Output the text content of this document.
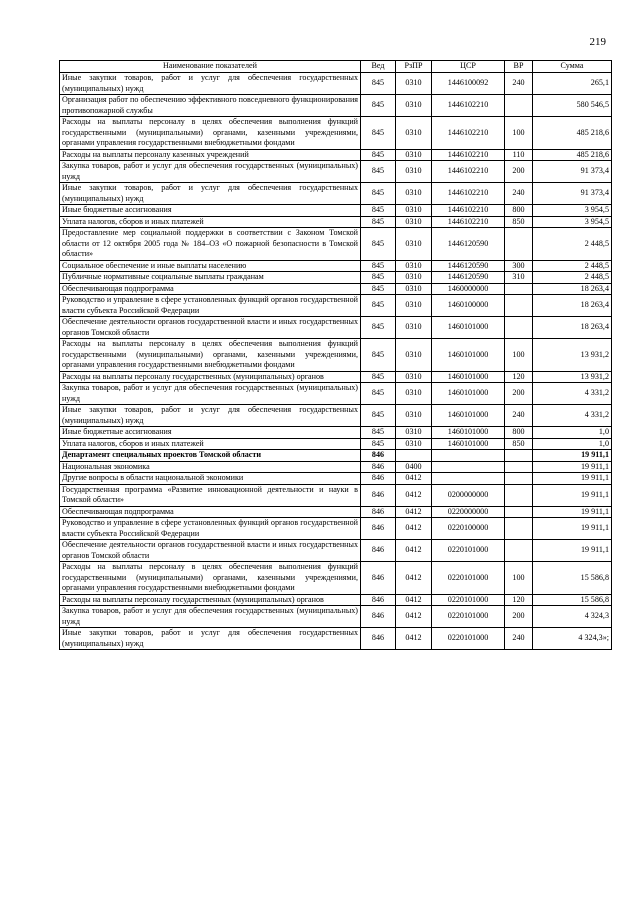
219
Наименование показателей	Вед	РзПР	ЦСР	ВР	Сумма
Иные закупки товаров, работ и услуг для обеспечения государственных (муниципальных) нужд	845	0310	1446100092	240	265,1
Организация работ по обеспечению эффективного повседневного функционирования противопожарной службы	845	0310	1446102210		580 546,5
Расходы на выплаты персоналу в целях обеспечения выполнения функций государственными (муниципальными) органами, казенными учреждениями, органами управления государственными внебюджетными фондами	845	0310	1446102210	100	485 218,6
Расходы на выплаты персоналу казенных учреждений	845	0310	1446102210	110	485 218,6
Закупка товаров, работ и услуг для обеспечения государственных (муниципальных) нужд	845	0310	1446102210	200	91 373,4
Иные закупки товаров, работ и услуг для обеспечения государственных (муниципальных) нужд	845	0310	1446102210	240	91 373,4
Иные бюджетные ассигнования	845	0310	1446102210	800	3 954,5
Уплата налогов, сборов и иных платежей	845	0310	1446102210	850	3 954,5
Предоставление мер социальной поддержки в соответствии с Законом Томской области от 12 октября 2005 года № 184–ОЗ «О пожарной безопасности в Томской области»	845	0310	1446120590		2 448,5
Социальное обеспечение и иные выплаты населению	845	0310	1446120590	300	2 448,5
Публичные нормативные социальные выплаты гражданам	845	0310	1446120590	310	2 448,5
Обеспечивающая подпрограмма	845	0310	1460000000		18 263,4
Руководство и управление в сфере установленных функций органов государственной власти субъекта Российской Федерации	845	0310	1460100000		18 263,4
Обеспечение деятельности органов государственной власти и иных государственных органов Томской области	845	0310	1460101000		18 263,4
Расходы на выплаты персоналу в целях обеспечения выполнения функций государственными (муниципальными) органами, казенными учреждениями, органами управления государственными внебюджетными фондами	845	0310	1460101000	100	13 931,2
Расходы на выплаты персоналу государственных (муниципальных) органов	845	0310	1460101000	120	13 931,2
Закупка товаров, работ и услуг для обеспечения государственных (муниципальных) нужд	845	0310	1460101000	200	4 331,2
Иные закупки товаров, работ и услуг для обеспечения государственных (муниципальных) нужд	845	0310	1460101000	240	4 331,2
Иные бюджетные ассигнования	845	0310	1460101000	800	1,0
Уплата налогов, сборов и иных платежей	845	0310	1460101000	850	1,0
Департамент специальных проектов Томской области	846				19 911,1
Национальная экономика	846	0400			19 911,1
Другие вопросы в области национальной экономики	846	0412			19 911,1
Государственная программа «Развитие инновационной деятельности и науки в Томской области»	846	0412	0200000000		19 911,1
Обеспечивающая подпрограмма	846	0412	0220000000		19 911,1
Руководство и управление в сфере установленных функций органов государственной власти субъекта Российской Федерации	846	0412	0220100000		19 911,1
Обеспечение деятельности органов государственной власти и иных государственных органов Томской области	846	0412	0220101000		19 911,1
Расходы на выплаты персоналу в целях обеспечения выполнения функций государственными (муниципальными) органами, казенными учреждениями, органами управления государственными внебюджетными фондами	846	0412	0220101000	100	15 586,8
Расходы на выплаты персоналу государственных (муниципальных) органов	846	0412	0220101000	120	15 586,8
Закупка товаров, работ и услуг для обеспечения государственных (муниципальных) нужд	846	0412	0220101000	200	4 324,3
Иные закупки товаров, работ и услуг для обеспечения государственных (муниципальных) нужд	846	0412	0220101000	240	4 324,3»;
